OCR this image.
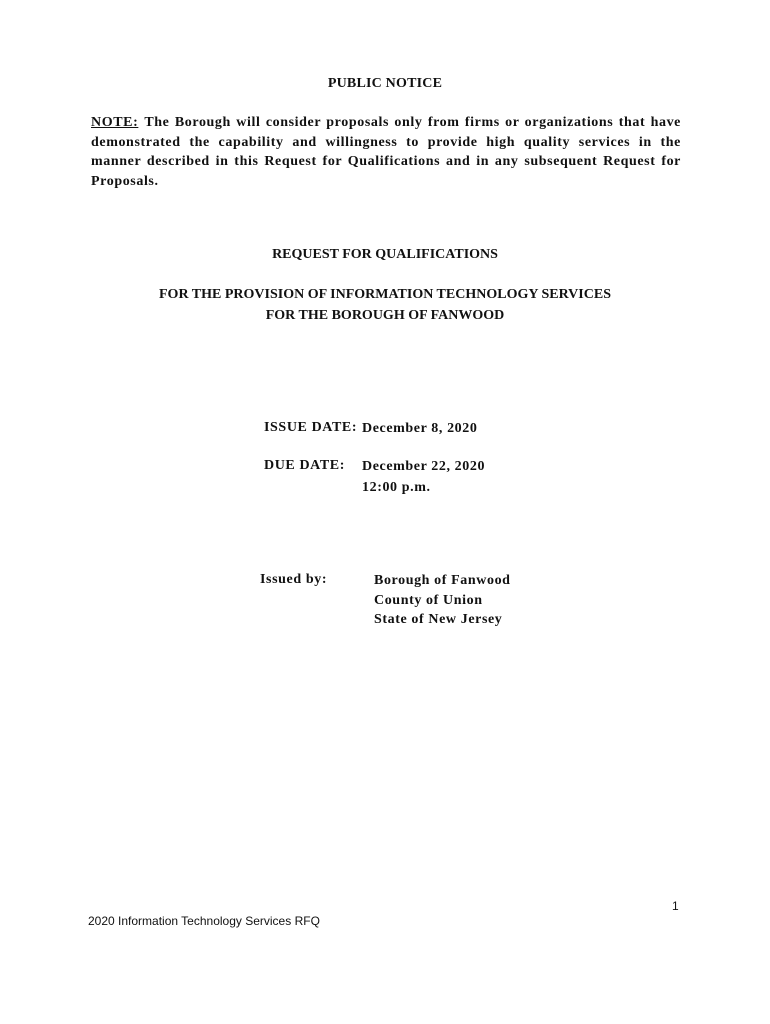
PUBLIC NOTICE
NOTE: The Borough will consider proposals only from firms or organizations that have demonstrated the capability and willingness to provide high quality services in the manner described in this Request for Qualifications and in any subsequent Request for Proposals.
REQUEST FOR QUALIFICATIONS
FOR THE PROVISION OF INFORMATION TECHNOLOGY SERVICES
FOR THE BOROUGH OF FANWOOD
ISSUE DATE: December 8, 2020
DUE DATE: December 22, 2020
12:00 p.m.
Issued by:	Borough of Fanwood
County of Union
State of New Jersey
1
2020 Information Technology Services RFQ
